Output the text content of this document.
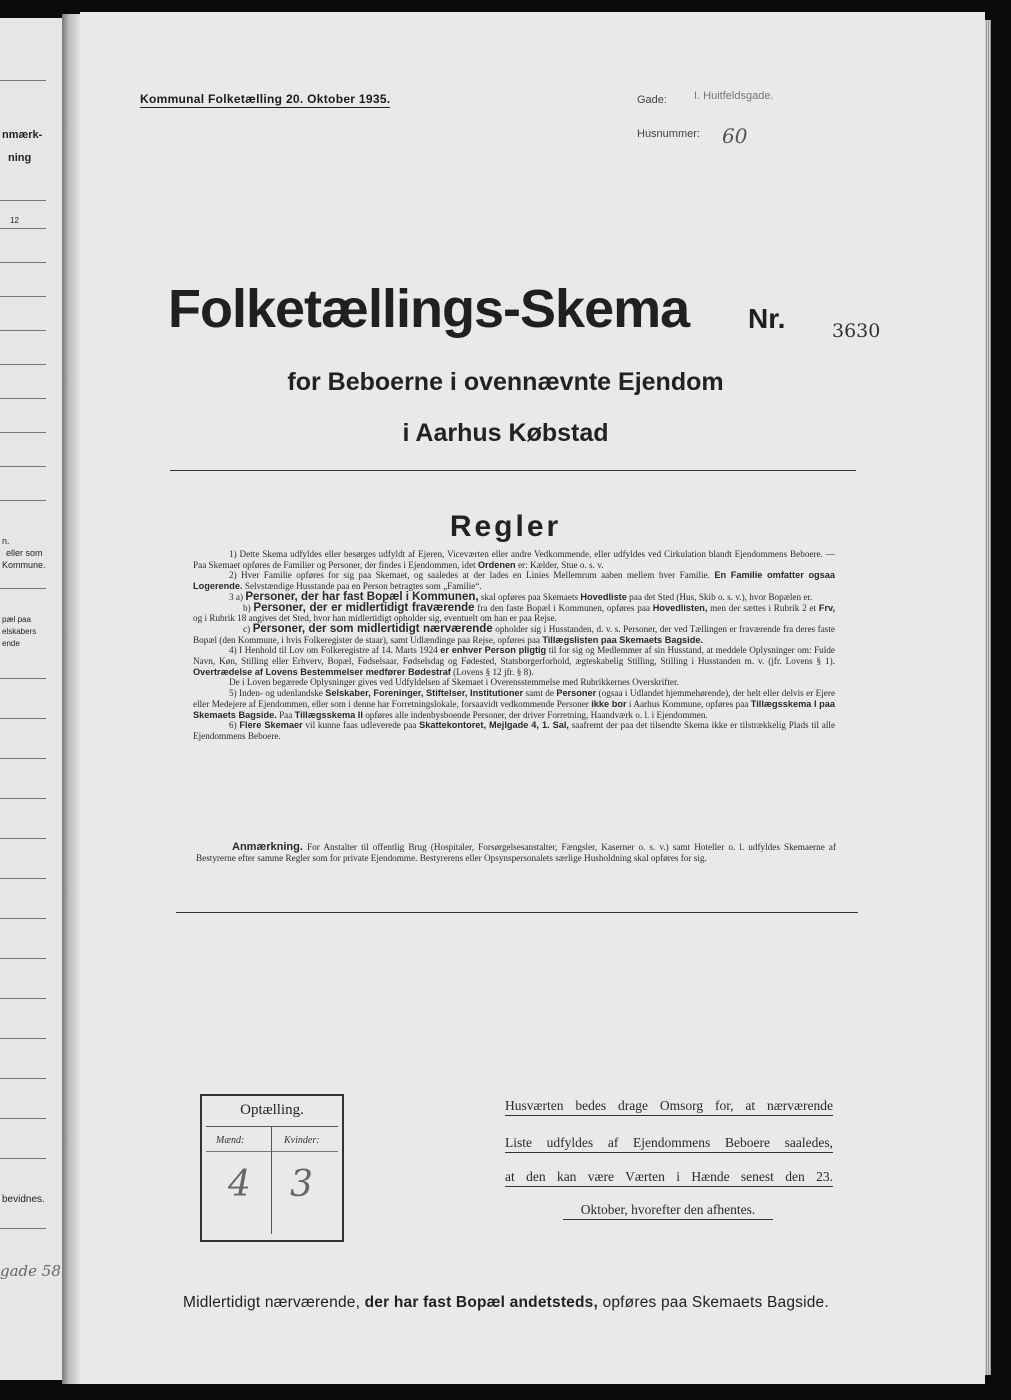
nmærk-
ning
12
n.
eller som
Kommune.
pæl paa
elskabers
ende
bevidnes.
gade 58
Kommunal Folketælling 20. Oktober 1935.	Gade: I. Huitfeldsgade.
Husnummer: 60
Folketællings-Skema Nr. 3630
for Beboerne i ovennævnte Ejendom
i Aarhus Købstad
Regler

1) Dette Skema udfyldes eller besørges udfyldt af Ejeren, Viceværten eller andre Vedkommende, eller udfyldes ved Cirkulation blandt Ejendommens Beboere. — Paa Skemaet opføres de Familier og Personer, der findes i Ejendommen, idet Ordenen er: Kælder, Stue o. s. v.

2) Hver Familie opføres for sig paa Skemaet, og saaledes at der lades en Linies Mellemrum aaben mellem hver Familie. En Familie omfatter ogsaa Logerende. Selvstændige Husstande paa en Person betragtes som „Familie“.

3 a) Personer, der har fast Bopæl i Kommunen, skal opføres paa Skemaets Hovedliste paa det Sted (Hus, Skib o. s. v.), hvor Bopælen er.

b) Personer, der er midlertidigt fraværende fra den faste Bopæl i Kommunen, opføres paa Hovedlisten, men der sættes i Rubrik 2 et Frv, og i Rubrik 18 angives det Sted, hvor han midlertidigt opholder sig, eventuelt om han er paa Rejse.

c) Personer, der som midlertidigt nærværende opholder sig i Husstanden, d. v. s. Personer, der ved Tællingen er fraværende fra deres faste Bopæl (den Kommune, i hvis Folkeregister de staar), samt Udlændinge paa Rejse, opføres paa Tillægslisten paa Skemaets Bagside.

4) I Henhold til Lov om Folkeregistre af 14. Marts 1924 er enhver Person pligtig til for sig og Medlemmer af sin Husstand, at meddele Oplysninger om: Fulde Navn, Køn, Stilling eller Erhverv, Bopæl, Fødselsaar, Fødselsdag og Fødested, Statsborgerforhold, ægteskabelig Stilling, Stilling i Husstanden m. v. (jfr. Lovens § 1). Overtrædelse af Lovens Bestemmelser medfører Bødestraf (Lovens § 12 jfr. § 8).

De i Loven begærede Oplysninger gives ved Udfyldelsen af Skemaet i Overensstemmelse med Rubrikkernes Overskrifter.

5) Inden- og udenlandske Selskaber, Foreninger, Stiftelser, Institutioner samt de Personer (ogsaa i Udlandet hjemmehørende), der helt eller delvis er Ejere eller Medejere af Ejendommen, eller som i denne har Forretningslokale, forsaavidt vedkommende Personer ikke bor i Aarhus Kommune, opføres paa Tillægsskema I paa Skemaets Bagside. Paa Tillægsskema II opføres alle indenbysboende Personer, der driver Forretning, Haandværk o. l. i Ejendommen.

6) Flere Skemaer vil kunne faas udleverede paa Skattekontoret, Mejlgade 4, 1. Sal, saafremt der paa det tilsendte Skema ikke er tilstrækkelig Plads til alle Ejendommens Beboere.

Anmærkning. For Anstalter til offentlig Brug (Hospitaler, Forsørgelsesanstalter, Fængsler, Kaserner o. s. v.) samt Hoteller o. l. udfyldes Skemaerne af Bestyrerne efter samme Regler som for private Ejendomme. Bestyrerens eller Opsynspersonalets særlige Husholdning skal opføres for sig.
Optælling.
Mænd:	Kvinder:
4 3
Husværten bedes drage Omsorg for, at nærværende
Liste udfyldes af Ejendommens Beboere saaledes,
at den kan være Værten i Hænde senest den 23.
Oktober, hvorefter den afhentes.
Midlertidigt nærværende, der har fast Bopæl andetsteds, opføres paa Skemaets Bagside.
